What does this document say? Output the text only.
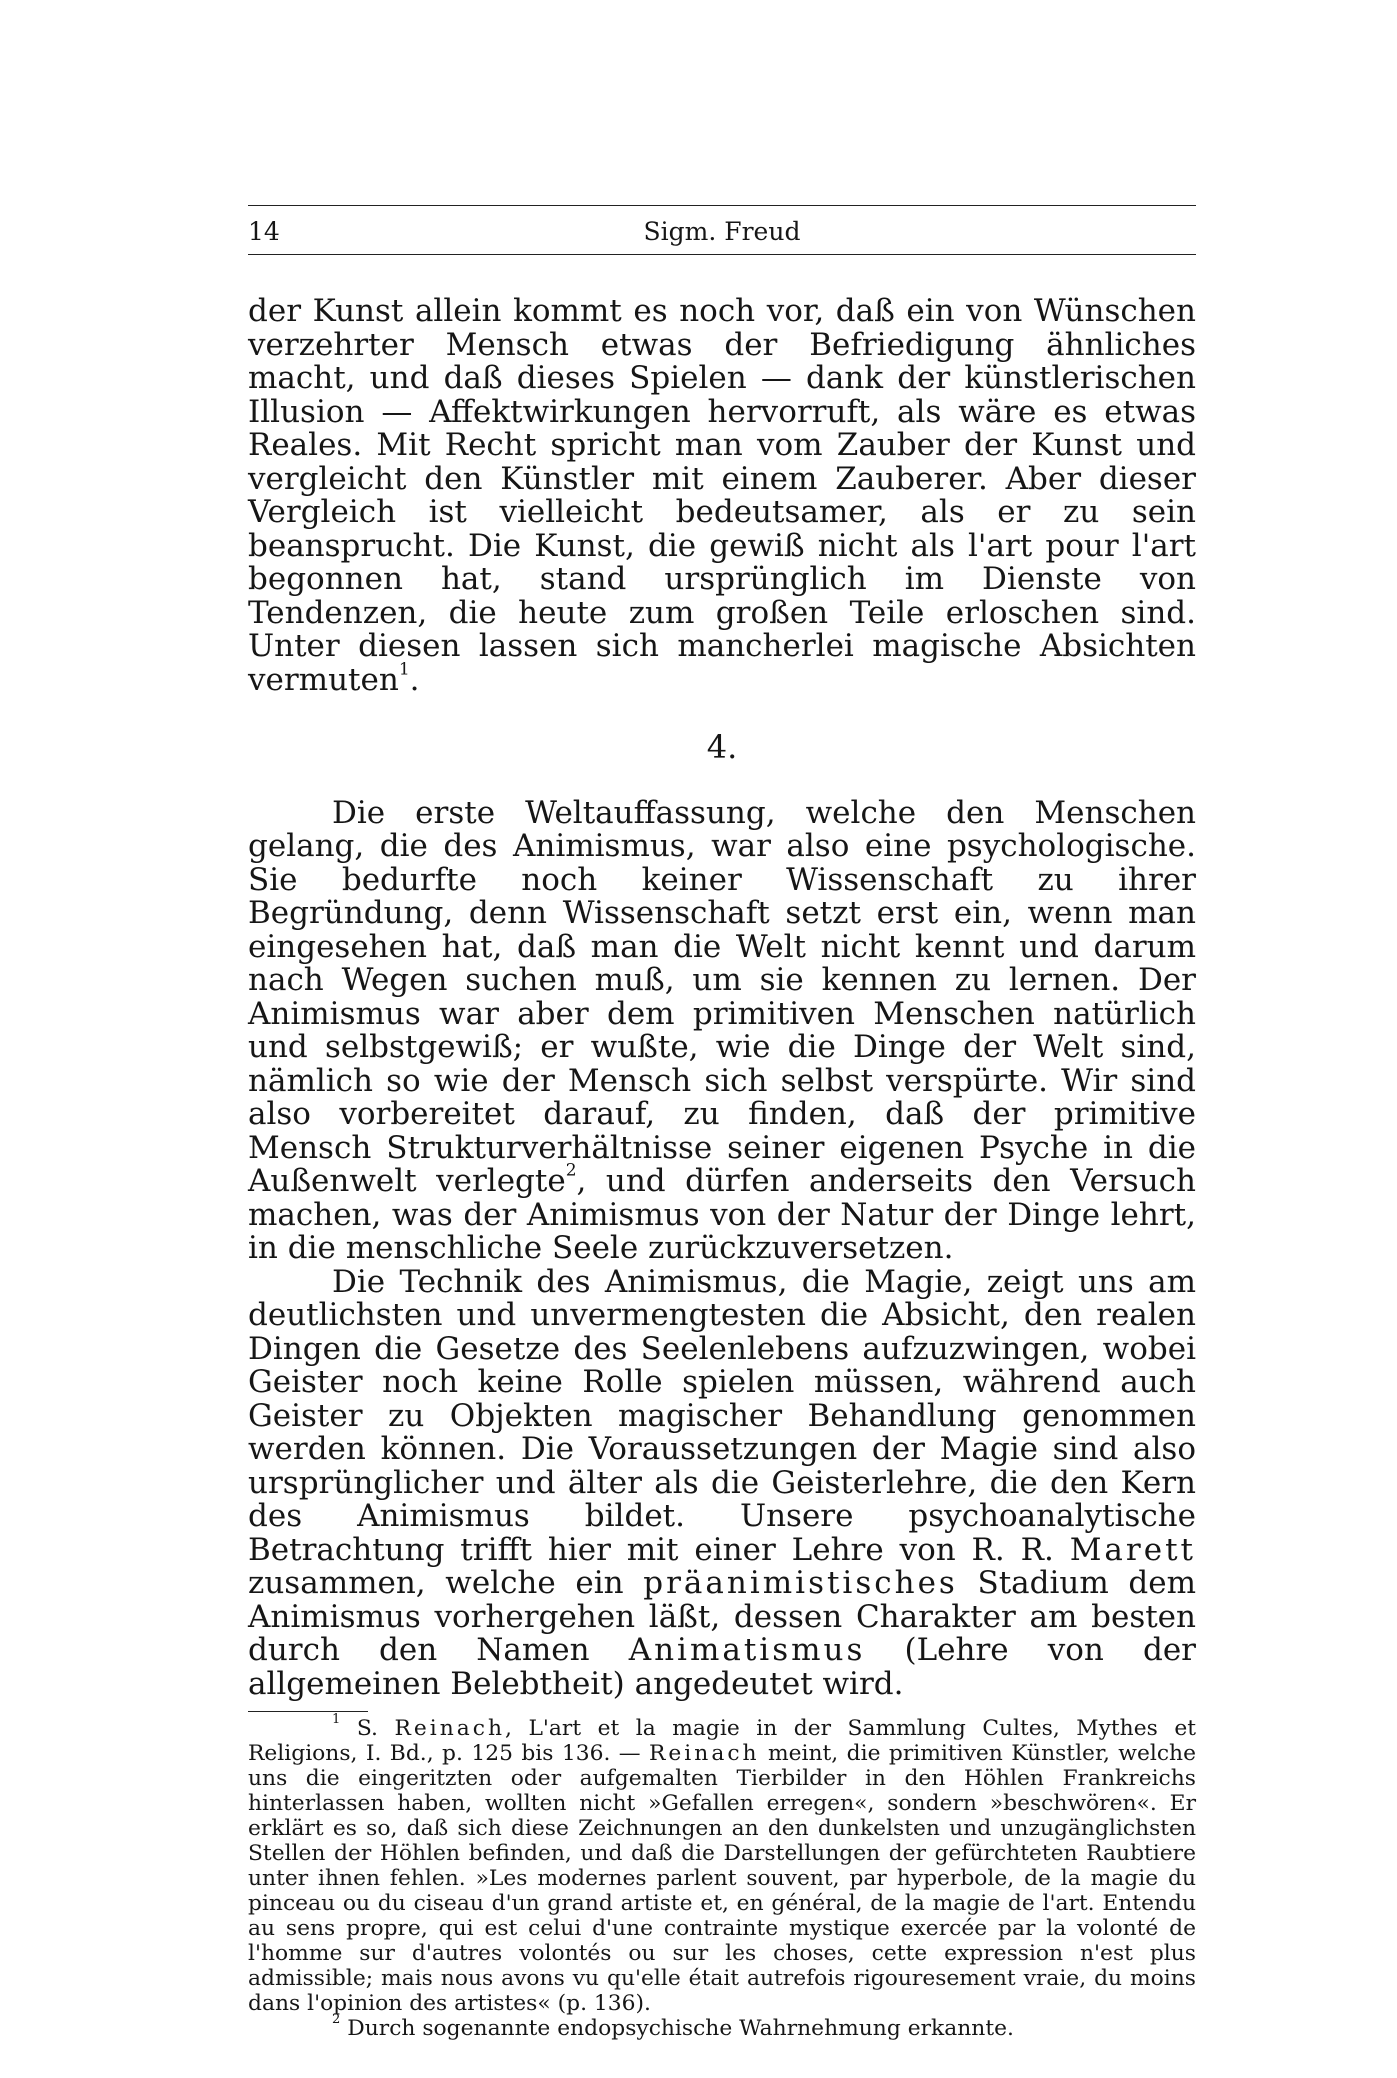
14	Sigm. Freud

der Kunst allein kommt es noch vor, daß ein von Wünschen verzehrter Mensch etwas der Befriedigung ähnliches macht, und daß dieses Spielen — dank der künstlerischen Illusion — Affektwirkungen hervorruft, als wäre es etwas Reales. Mit Recht spricht man vom Zauber der Kunst und vergleicht den Künstler mit einem Zauberer. Aber dieser Vergleich ist vielleicht bedeutsamer, als er zu sein beansprucht. Die Kunst, die gewiß nicht als l'art pour l'art begonnen hat, stand ursprünglich im Dienste von Tendenzen, die heute zum großen Teile erloschen sind. Unter diesen lassen sich mancherlei magische Absichten vermuten$^1$.

4.

Die erste Weltauffassung, welche den Menschen gelang, die des Animismus, war also eine psychologische. Sie bedurfte noch keiner Wissenschaft zu ihrer Begründung, denn Wissenschaft setzt erst ein, wenn man eingesehen hat, daß man die Welt nicht kennt und darum nach Wegen suchen muß, um sie kennen zu lernen. Der Animismus war aber dem primitiven Menschen natürlich und selbstgewiß; er wußte, wie die Dinge der Welt sind, nämlich so wie der Mensch sich selbst verspürte. Wir sind also vorbereitet darauf, zu finden, daß der primitive Mensch Strukturverhältnisse seiner eigenen Psyche in die Außenwelt verlegte$^2$, und dürfen anderseits den Versuch machen, was der Animismus von der Natur der Dinge lehrt, in die menschliche Seele zurückzuversetzen.

Die Technik des Animismus, die Magie, zeigt uns am deutlichsten und unvermengtesten die Absicht, den realen Dingen die Gesetze des Seelenlebens aufzuzwingen, wobei Geister noch keine Rolle spielen müssen, während auch Geister zu Objekten magischer Behandlung genommen werden können. Die Voraussetzungen der Magie sind also ursprünglicher und älter als die Geisterlehre, die den Kern des Animismus bildet. Unsere psychoanalytische Betrachtung trifft hier mit einer Lehre von R. R. Marett zusammen, welche ein präanimistisches Stadium dem Animismus vorhergehen läßt, dessen Charakter am besten durch den Namen Animatismus (Lehre von der allgemeinen Belebtheit) angedeutet wird.

$^1$ S. Reinach, L'art et la magie in der Sammlung Cultes, Mythes et Religions, I. Bd., p. 125 bis 136. — Reinach meint, die primitiven Künstler, welche uns die eingeritzten oder aufgemalten Tierbilder in den Höhlen Frankreichs hinterlassen haben, wollten nicht »Gefallen erregen«, sondern »beschwören«. Er erklärt es so, daß sich diese Zeichnungen an den dunkelsten und unzugänglichsten Stellen der Höhlen befinden, und daß die Darstellungen der gefürchteten Raubtiere unter ihnen fehlen. »Les modernes parlent souvent, par hyperbole, de la magie du pinceau ou du ciseau d'un grand artiste et, en général, de la magie de l'art. Entendu au sens propre, qui est celui d'une contrainte mystique exercée par la volonté de l'homme sur d'autres volontés ou sur les choses, cette expression n'est plus admissible; mais nous avons vu qu'elle était autrefois rigouresement vraie, du moins dans l'opinion des artistes« (p. 136).

$^2$ Durch sogenannte endopsychische Wahrnehmung erkannte.
